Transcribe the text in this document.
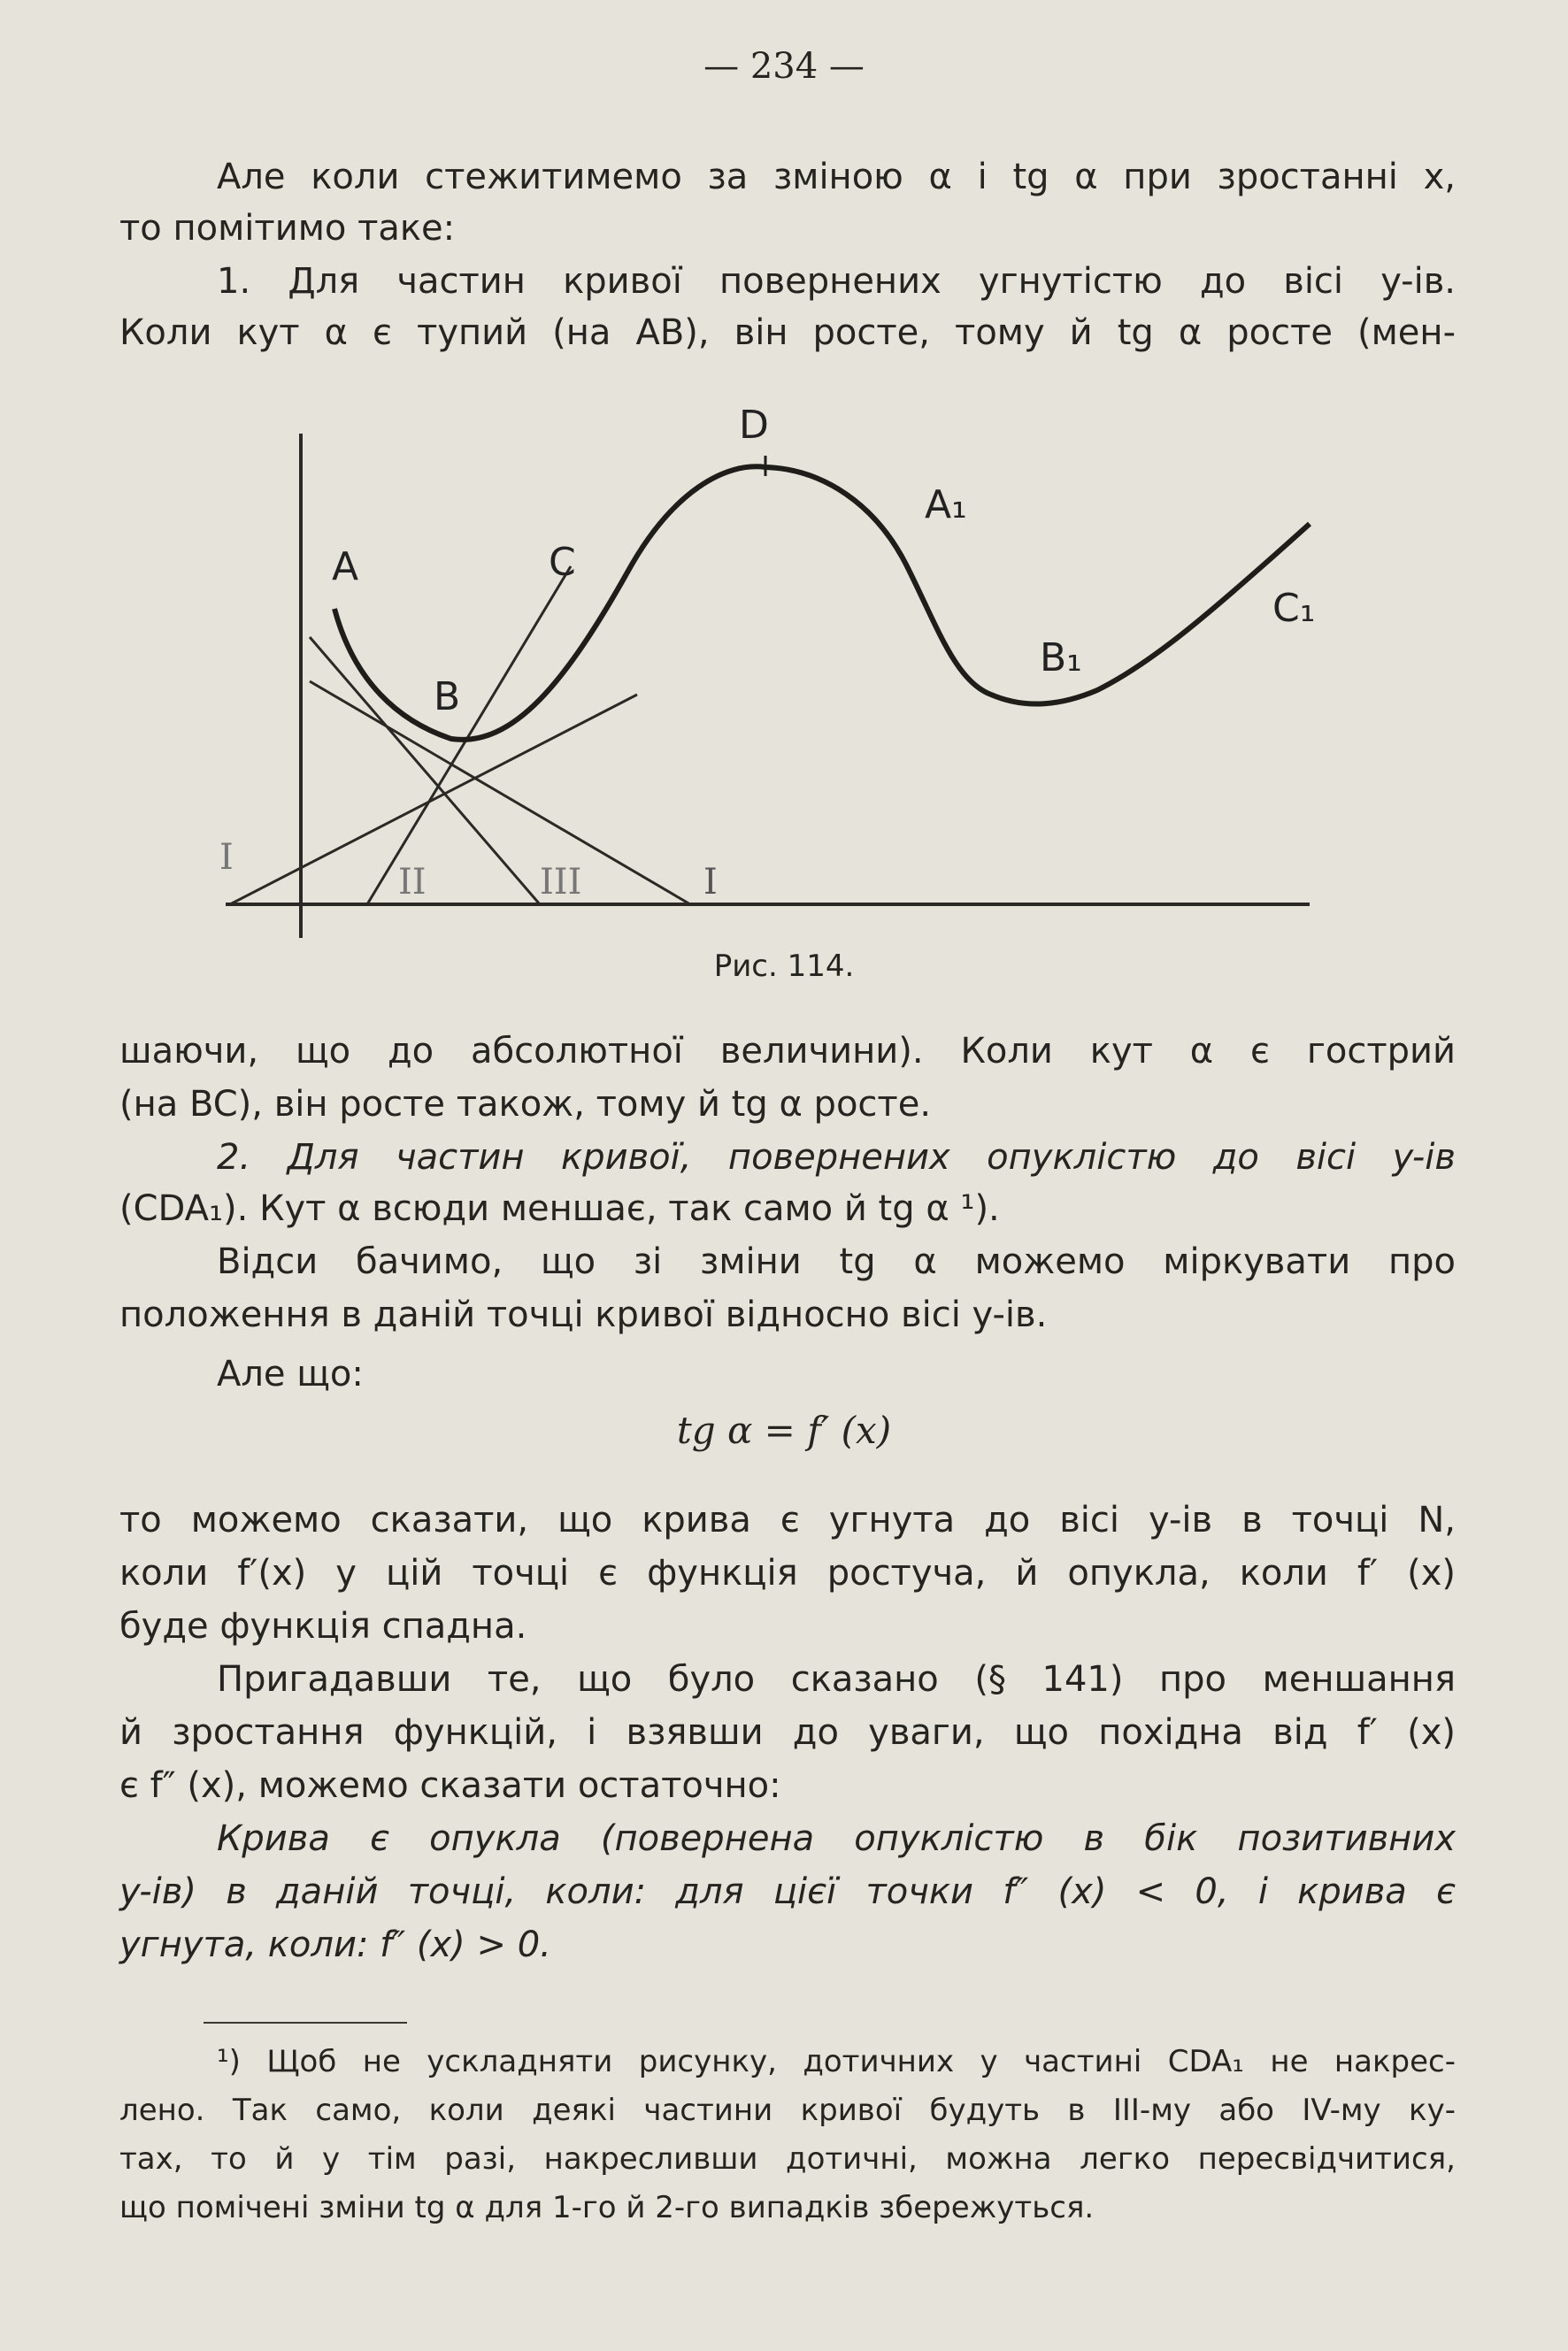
— 234 —
Але коли стежитимемо за зміною α і tg α при зростанні x,
то помітимо таке:
1. Для частин кривої повернених угнутістю до вісі y-ів.
Коли кут α є тупий (на AB), він росте, тому й tg α росте (мен-
A
B
C
D
A₁
B₁
C₁
I
II	III	I
Рис. 114.
шаючи, що до абсолютної величини). Коли кут α є гострий
(на BC), він росте також, тому й tg α росте.
2. Для частин кривої, повернених опуклістю до вісі y-ів
(CDA₁). Кут α всюди меншає, так само й tg α ¹).
Відси бачимо, що зі зміни tg α можемо міркувати про
положення в даній точці кривої відносно вісі y-ів.
Але що:
tg α = f′ (x)
то можемо сказати, що крива є угнута до вісі y-ів в точці N,
коли f′(x) у цій точці є функція ростуча, й опукла, коли f′ (x)
буде функція спадна.
Пригадавши те, що було сказано (§ 141) про меншання
й зростання функцій, і взявши до уваги, що похідна від f′ (x)
є f″ (x), можемо сказати остаточно:
Крива є опукла (повернена опуклістю в бік позитивних
y-ів) в даній точці, коли: для цієї точки f″ (x) < 0, і крива є
угнута, коли: f″ (x) > 0.
¹) Щоб не ускладняти рисунку, дотичних у частині CDA₁ не накрес-
лено. Так само, коли деякі частини кривої будуть в III-му або IV-му ку-
тах, то й у тім разі, накресливши дотичні, можна легко пересвідчитися,
що помічені зміни tg α для 1-го й 2-го випадків збережуться.
